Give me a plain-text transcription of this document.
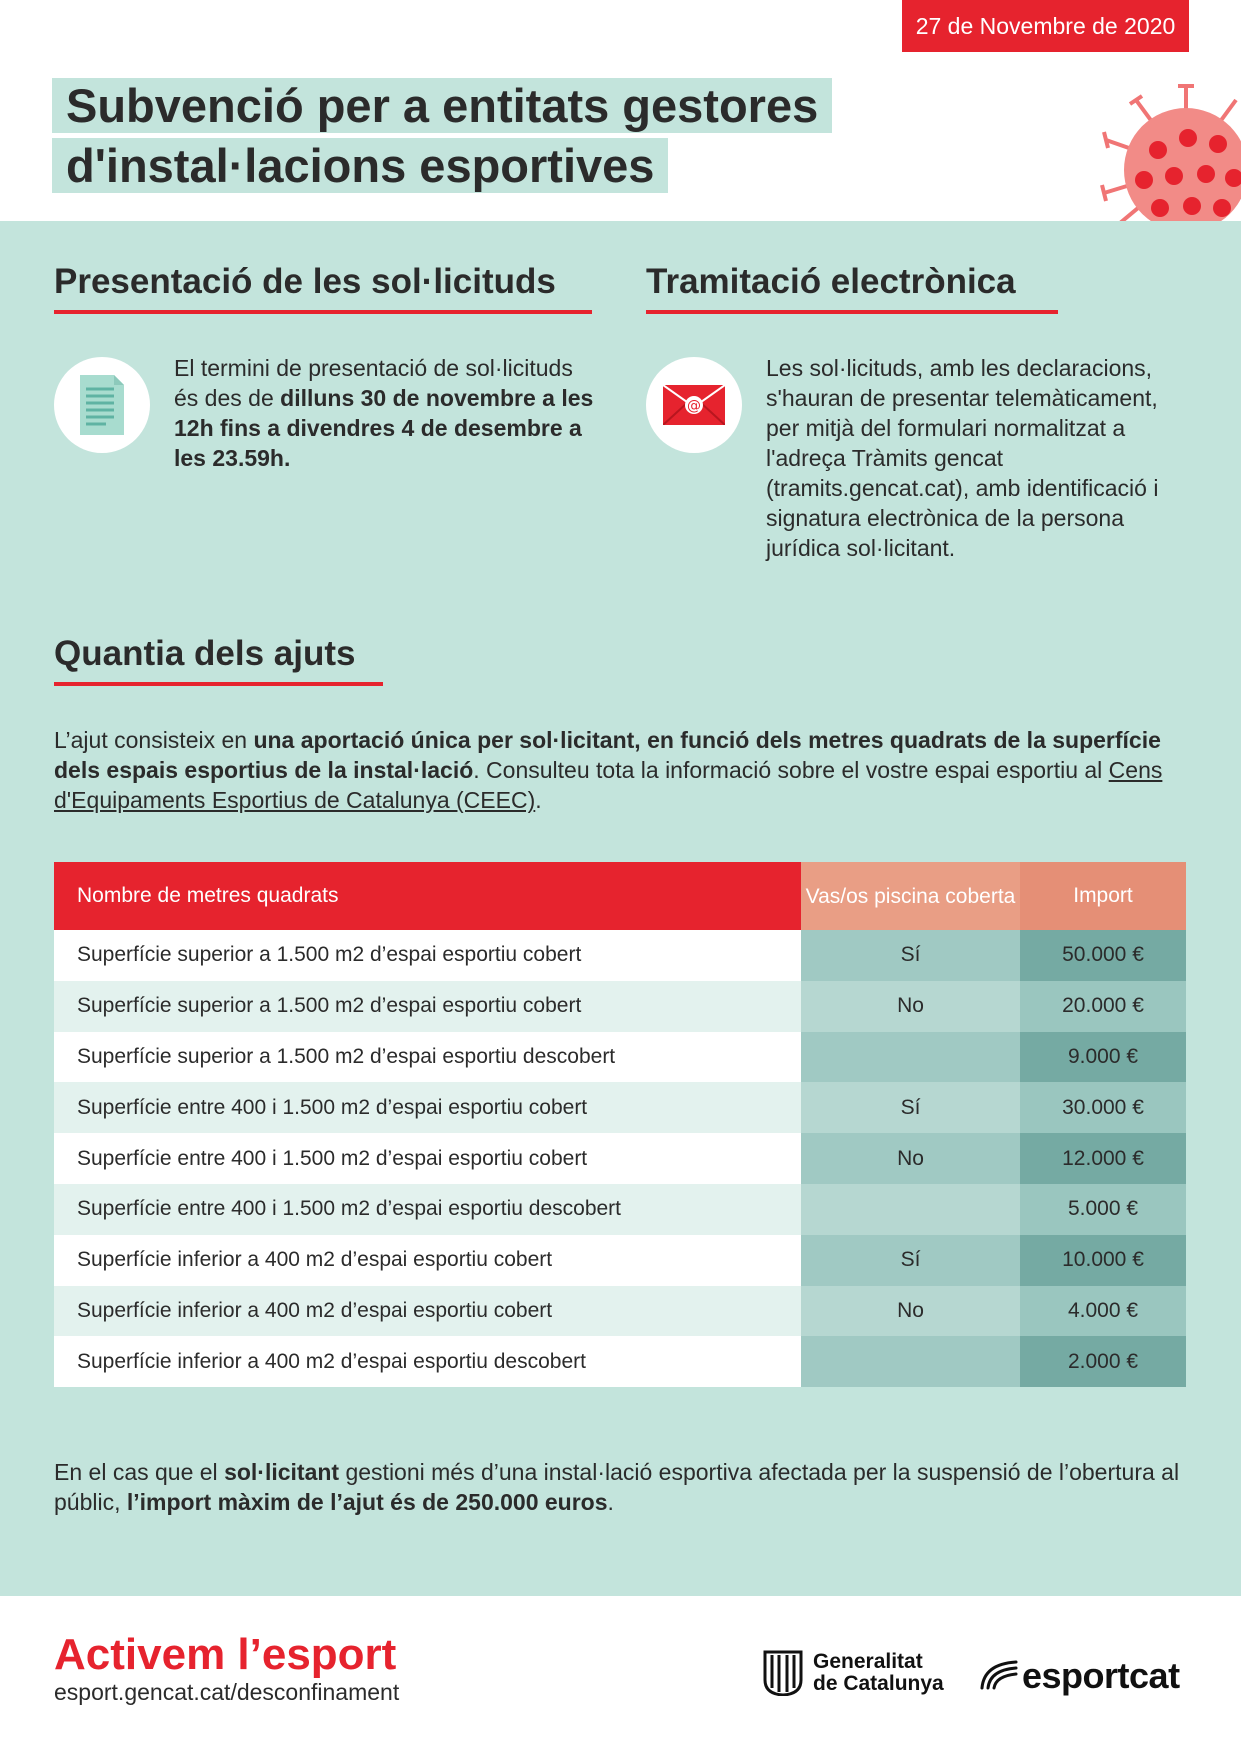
27 de Novembre de 2020
Subvenció per a entitats gestores
d'instal·lacions esportives
Presentació de les sol·licituds
El termini de presentació de sol·licituds és des de dilluns 30 de novembre a les 12h fins a divendres 4 de desembre a les 23.59h.
Tramitació electrònica
@
Les sol·licituds, amb les declaracions, s'hauran de presentar telemàticament, per mitjà del formulari normalitzat a l'adreça Tràmits gencat (tramits.gencat.cat), amb identificació i signatura electrònica de la persona jurídica sol·licitant.
Quantia dels ajuts
L’ajut consisteix en una aportació única per sol·licitant, en funció dels metres quadrats de la superfície dels espais esportius de la instal·lació. Consulteu tota la informació sobre el vostre espai esportiu al Cens d'Equipaments Esportius de Catalunya (CEEC).
Nombre de metres quadrats	Vas/os piscina coberta	Import
Superfície superior a 1.500 m2 d’espai esportiu cobert	Sí	50.000 €
Superfície superior a 1.500 m2 d’espai esportiu cobert	No	20.000 €
Superfície superior a 1.500 m2 d’espai esportiu descobert		9.000 €
Superfície entre 400 i 1.500 m2 d’espai esportiu cobert	Sí	30.000 €
Superfície entre 400 i 1.500 m2 d’espai esportiu cobert	No	12.000 €
Superfície entre 400 i 1.500 m2 d’espai esportiu descobert		5.000 €
Superfície inferior a 400 m2 d’espai esportiu cobert	Sí	10.000 €
Superfície inferior a 400 m2 d’espai esportiu cobert	No	4.000 €
Superfície inferior a 400 m2 d’espai esportiu descobert		2.000 €
En el cas que el sol·licitant gestioni més d’una instal·lació esportiva afectada per la suspensió de l’obertura al públic, l’import màxim de l’ajut és de 250.000 euros.
Activem l’esport
esport.gencat.cat/desconfinament
Generalitat
de Catalunya esportcat
